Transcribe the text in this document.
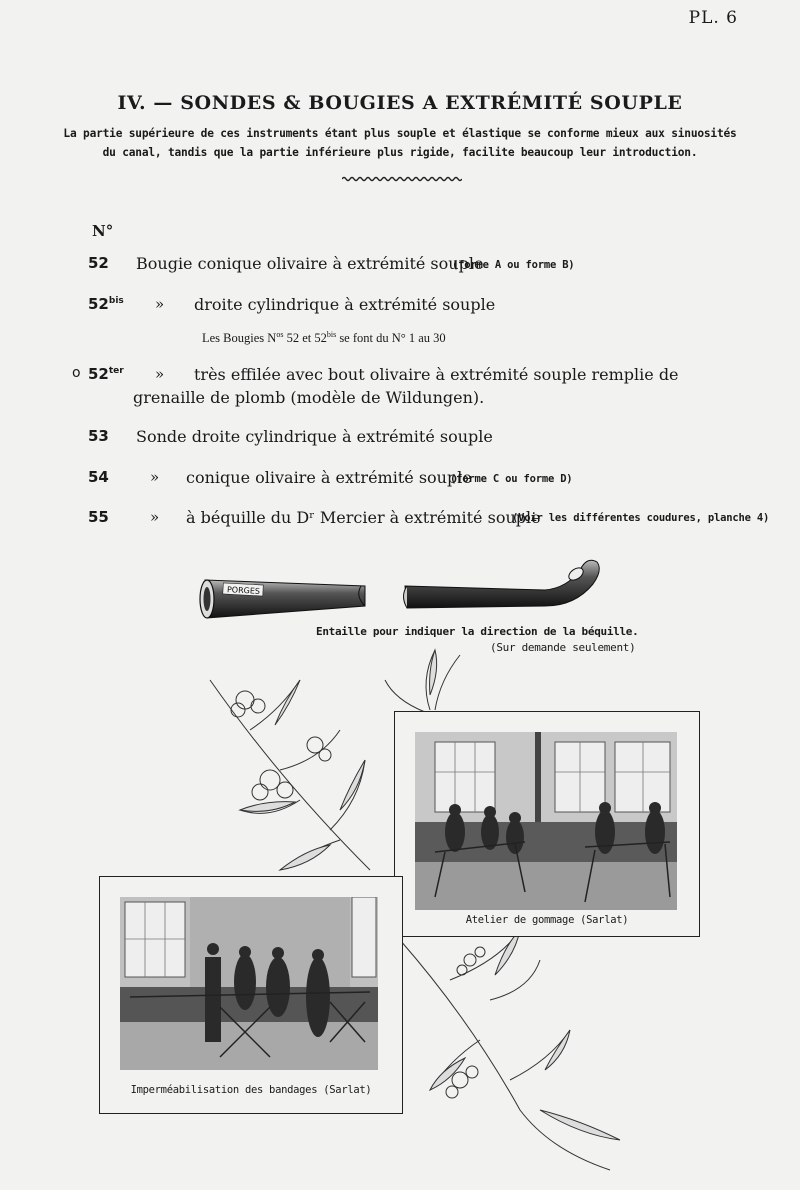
PL. 6
IV. — SONDES & BOUGIES A EXTRÉMITÉ SOUPLE
La partie supérieure de ces instruments étant plus souple et élastique se conforme mieux aux sinuosités
du canal, tandis que la partie inférieure plus rigide, facilite beaucoup leur introduction.
N°
52 Bougie conique olivaire à extrémité souple
(forme A ou forme B)
$52^{bis}$ » droite cylindrique à extrémité souple
Les Bougies $N^{os}$ 52 et $52^{bis}$ se font du N° 1 au 30
o $52^{ter}$ » très effilée avec bout olivaire à extrémité souple remplie de
grenaille de plomb (modèle de Wildungen).
53 Sonde droite cylindrique à extrémité souple
54	» conique olivaire à extrémité souple
(forme C ou forme D)
55	» à béquille du Dʳ Mercier à extrémité souple
(Voir les différentes coudures, planche 4)
PORGES
Entaille pour indiquer la direction de la béquille.
(Sur demande seulement)
Atelier de gommage (Sarlat)
Imperméabilisation des bandages (Sarlat)
